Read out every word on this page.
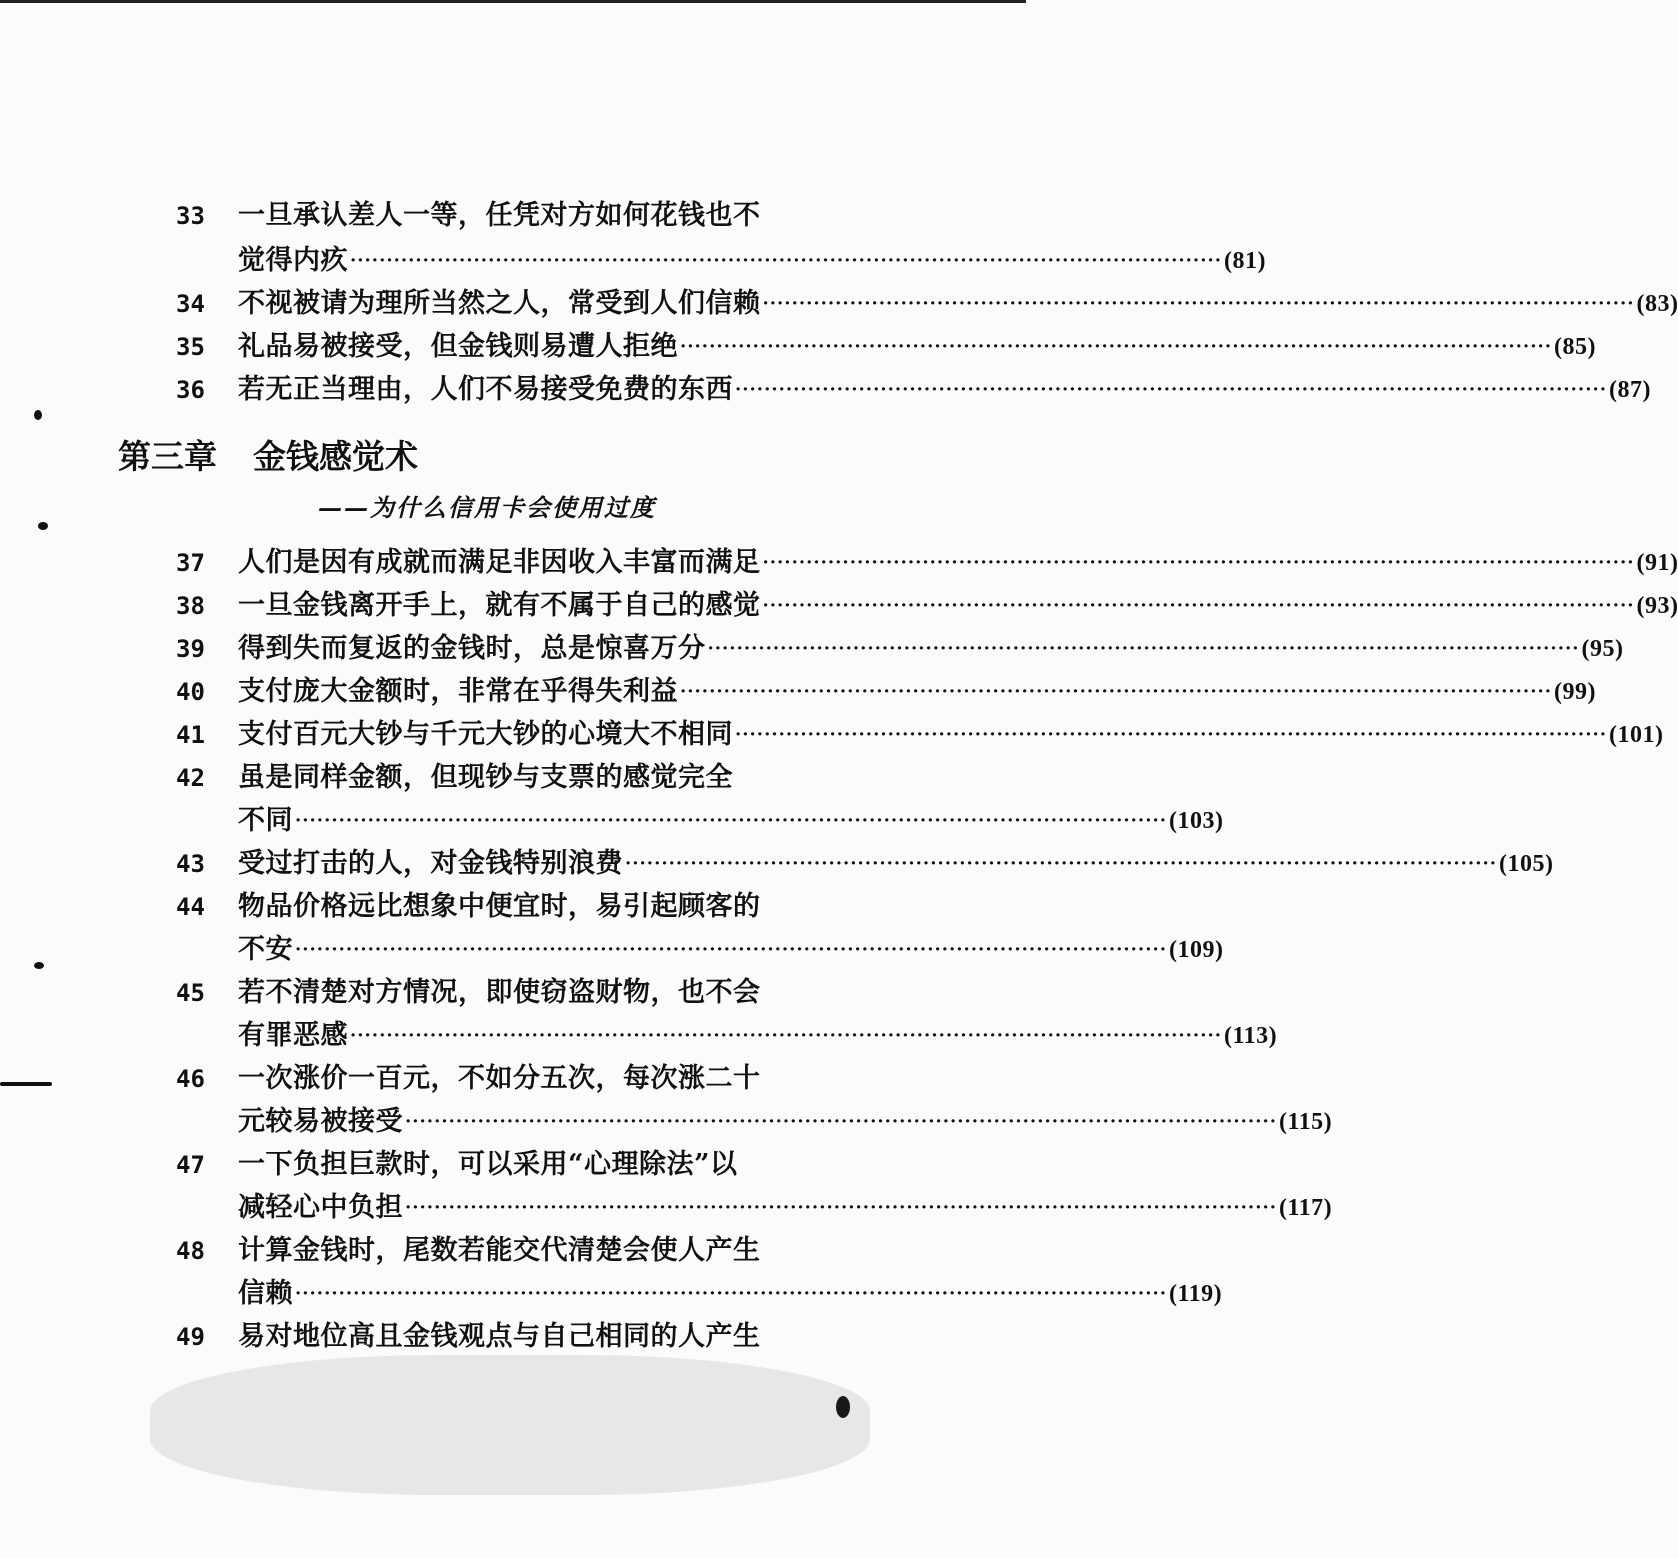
33	一旦承认差人一等，任凭对方如何花钱也不
觉得内疚 ························································································································ (81)
34	不视被请为理所当然之人，常受到人们信赖 ························································································································ (83)
35	礼品易被接受，但金钱则易遭人拒绝 ························································································································ (85)
36	若无正当理由，人们不易接受免费的东西 ························································································································ (87)
第三章 金钱感觉术
——为什么信用卡会使用过度
37	人们是因有成就而满足非因收入丰富而满足 ························································································································ (91)
38	一旦金钱离开手上，就有不属于自己的感觉 ························································································································ (93)
39	得到失而复返的金钱时，总是惊喜万分 ························································································································ (95)
40	支付庞大金额时，非常在乎得失利益 ························································································································ (99)
41	支付百元大钞与千元大钞的心境大不相同 ························································································································ (101)
42	虽是同样金额，但现钞与支票的感觉完全
不同 ························································································································ (103)
43	受过打击的人，对金钱特别浪费 ························································································································ (105)
44	物品价格远比想象中便宜时，易引起顾客的
不安 ························································································································ (109)
45	若不清楚对方情况，即使窃盗财物，也不会
有罪恶感 ························································································································ (113)
46	一次涨价一百元，不如分五次，每次涨二十
元较易被接受 ························································································································ (115)
47	一下负担巨款时，可以采用“心理除法”以
减轻心中负担 ························································································································ (117)
48	计算金钱时，尾数若能交代清楚会使人产生
信赖 ························································································································ (119)
49	易对地位高且金钱观点与自己相同的人产生
